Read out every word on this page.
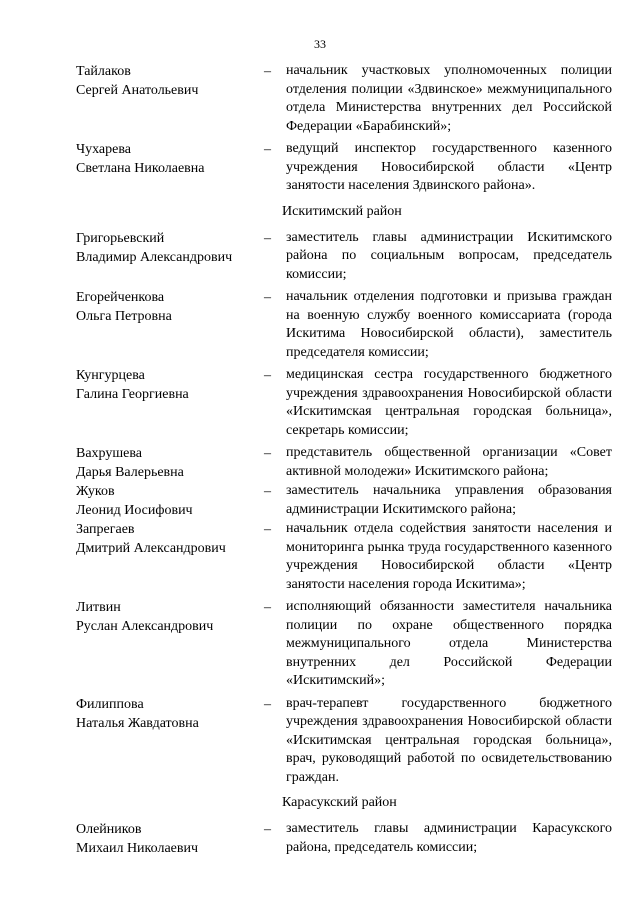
33
Тайлаков
Сергей Анатольевич
–	начальник участковых уполномоченных полиции отделения полиции «Здвинское» межмуниципального отдела Министерства внутренних дел Российской Федерации «Барабинский»;
Чухарева
Светлана Николаевна
–	ведущий инспектор государственного казенного учреждения Новосибирской области «Центр занятости населения Здвинского района».
Искитимский район
Григорьевский
Владимир Александрович
–	заместитель главы администрации Искитимского района по социальным вопросам, председатель комиссии;
Егорейченкова
Ольга Петровна
–	начальник отделения подготовки и призыва граждан на военную службу военного комиссариата (города Искитима Новосибирской области), заместитель председателя комиссии;
Кунгурцева
Галина Георгиевна
–	медицинская сестра государственного бюджетного учреждения здравоохранения Новосибирской области «Искитимская центральная городская больница», секретарь комиссии;
Вахрушева
Дарья Валерьевна
–	представитель общественной организации «Совет активной молодежи» Искитимского района;
Жуков
Леонид Иосифович
–	заместитель начальника управления образования администрации Искитимского района;
Запрегаев
Дмитрий Александрович
–	начальник отдела содействия занятости населения и мониторинга рынка труда государственного казенного учреждения Новосибирской области «Центр занятости населения города Искитима»;
Литвин
Руслан Александрович
–	исполняющий обязанности заместителя начальника полиции по охране общественного порядка межмуниципального отдела Министерства внутренних дел Российской Федерации «Искитимский»;
Филиппова
Наталья Жавдатовна
–	врач-терапевт государственного бюджетного учреждения здравоохранения Новосибирской области «Искитимская центральная городская больница», врач, руководящий работой по освидетельствованию граждан.
Карасукский район
Олейников
Михаил Николаевич
–	заместитель главы администрации Карасукского района, председатель комиссии;
